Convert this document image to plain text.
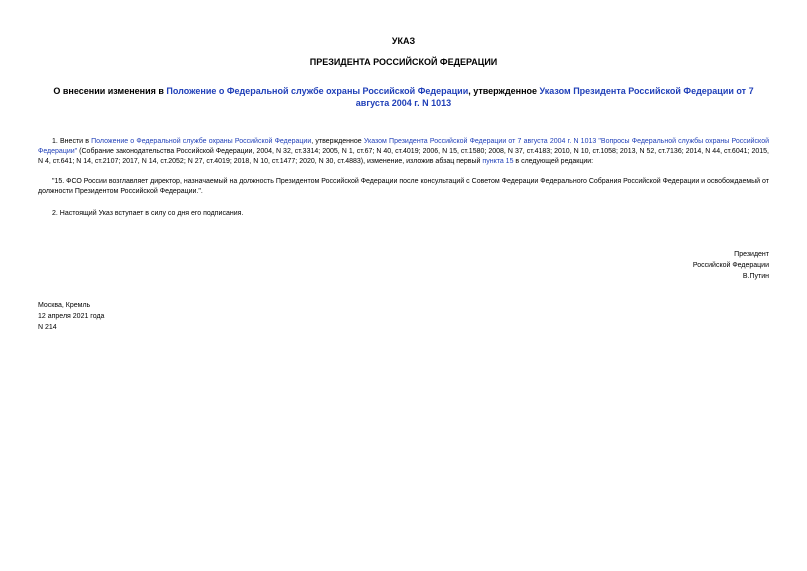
УКАЗ
ПРЕЗИДЕНТА РОССИЙСКОЙ ФЕДЕРАЦИИ
О внесении изменения в Положение о Федеральной службе охраны Российской Федерации, утвержденное Указом Президента Российской Федерации от 7 августа 2004 г. N 1013
1. Внести в Положение о Федеральной службе охраны Российской Федерации, утвержденное Указом Президента Российской Федерации от 7 августа 2004 г. N 1013 "Вопросы Федеральной службы охраны Российской Федерации" (Собрание законодательства Российской Федерации, 2004, N 32, ст.3314; 2005, N 1, ст.67; N 40, ст.4019; 2006, N 15, ст.1580; 2008, N 37, ст.4183; 2010, N 10, ст.1058; 2013, N 52, ст.7136; 2014, N 44, ст.6041; 2015, N 4, ст.641; N 14, ст.2107; 2017, N 14, ст.2052; N 27, ст.4019; 2018, N 10, ст.1477; 2020, N 30, ст.4883), изменение, изложив абзац первый пункта 15 в следующей редакции:
"15. ФСО России возглавляет директор, назначаемый на должность Президентом Российской Федерации после консультаций с Советом Федерации Федерального Собрания Российской Федерации и освобождаемый от должности Президентом Российской Федерации.".
2. Настоящий Указ вступает в силу со дня его подписания.
Президент
Российской Федерации
В.Путин
Москва, Кремль
12 апреля 2021 года
N 214
